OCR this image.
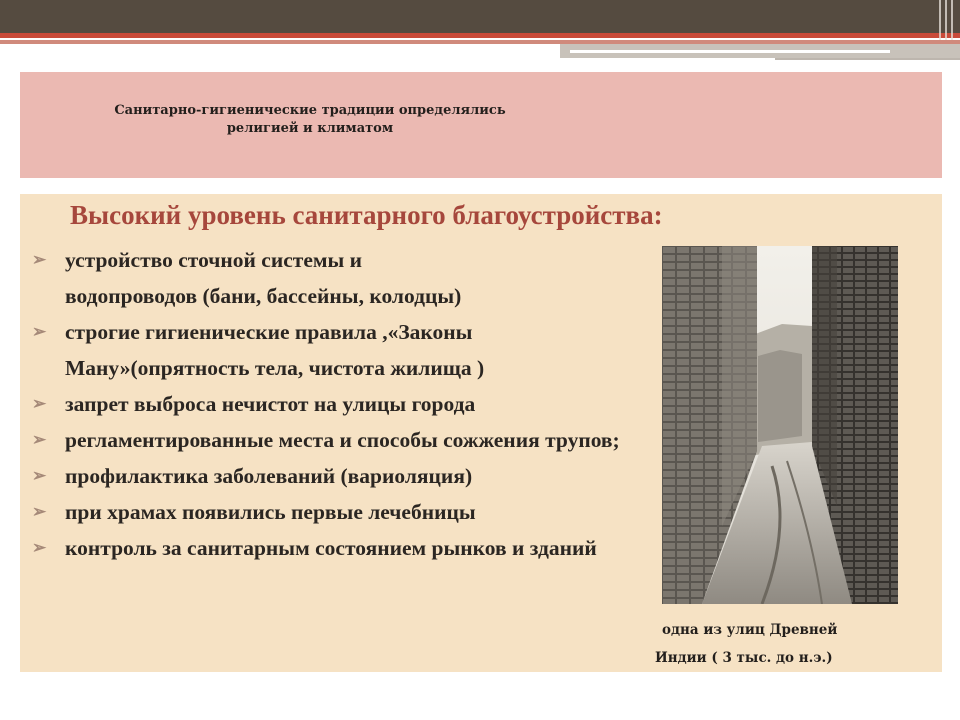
Санитарно-гигиенические традиции определялись
религией и климатом
Высокий уровень санитарного благоустройства:
➢ устройство сточной системы и
водопроводов (бани, бассейны, колодцы)
➢ строгие гигиенические правила ,«Законы Ману»(опрятность тела, чистота жилища )
➢ запрет выброса нечистот на улицы города
➢ регламентированные места и способы сожжения трупов;
➢ профилактика заболеваний (вариоляция)
➢ при храмах появились первые лечебницы
➢ контроль за санитарным состоянием рынков и зданий
одна из улиц Древней
Индии ( 3 тыс. до н.э.)
